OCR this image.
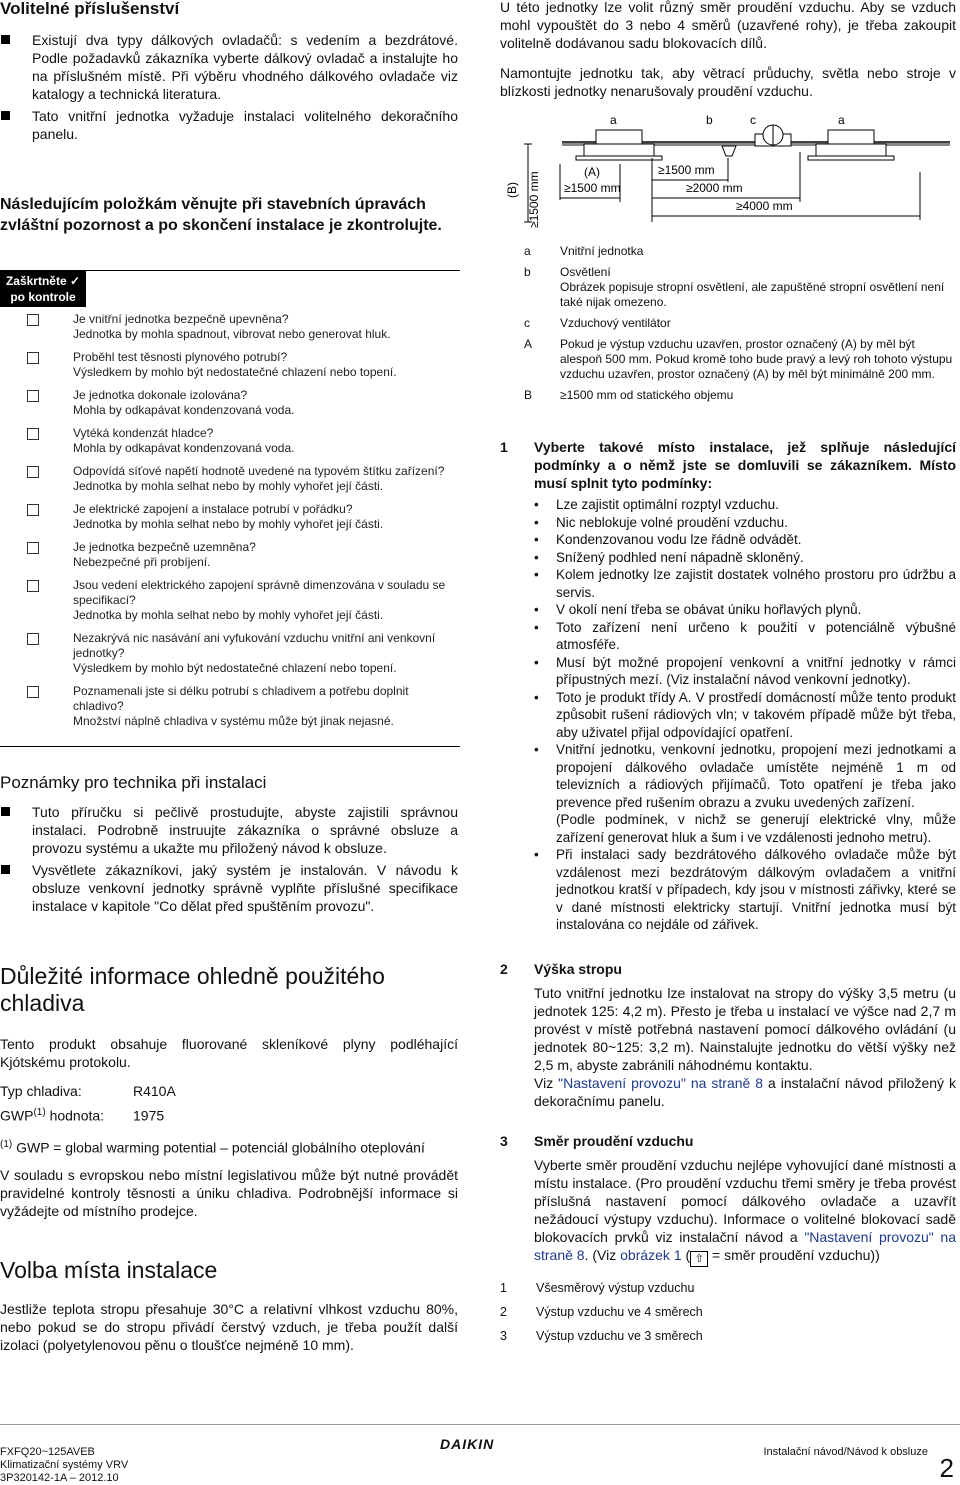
Volitelné příslušenství
Existují dva typy dálkových ovladačů: s vedením a bezdrátové. Podle požadavků zákazníka vyberte dálkový ovladač a instalujte ho na příslušném místě. Při výběru vhodného dálkového ovladače viz katalogy a technická literatura.
Tato vnitřní jednotka vyžaduje instalaci volitelného dekoračního panelu.
Následujícím položkám věnujte při stavebních úpravách zvláštní pozornost a po skončení instalace je zkontrolujte.
Zaškrtněte ✓
po kontrole
Je vnitřní jednotka bezpečně upevněna?
Jednotka by mohla spadnout, vibrovat nebo generovat hluk.
Proběhl test těsnosti plynového potrubí?
Výsledkem by mohlo být nedostatečné chlazení nebo topení.
Je jednotka dokonale izolována?
Mohla by odkapávat kondenzovaná voda.
Vytéká kondenzát hladce?
Mohla by odkapávat kondenzovaná voda.
Odpovídá síťové napětí hodnotě uvedené na typovém štítku zařízení?
Jednotka by mohla selhat nebo by mohly vyhořet její části.
Je elektrické zapojení a instalace potrubí v pořádku?
Jednotka by mohla selhat nebo by mohly vyhořet její části.
Je jednotka bezpečně uzemněna?
Nebezpečné při probíjení.
Jsou vedení elektrického zapojení správně dimenzována v souladu se specifikací?
Jednotka by mohla selhat nebo by mohly vyhořet její části.
Nezakrývá nic nasávání ani vyfukování vzduchu vnitřní ani venkovní jednotky?
Výsledkem by mohlo být nedostatečné chlazení nebo topení.
Poznamenali jste si délku potrubí s chladivem a potřebu doplnit chladivo?
Množství náplně chladiva v systému může být jinak nejasné.
Poznámky pro technika při instalaci
Tuto příručku si pečlivě prostudujte, abyste zajistili správnou instalaci. Podrobně instruujte zákazníka o správné obsluze a provozu systému a ukažte mu přiložený návod k obsluze.
Vysvětlete zákazníkovi, jaký systém je instalován. V návodu k obsluze venkovní jednotky správně vyplňte příslušné specifikace instalace v kapitole "Co dělat před spuštěním provozu".
Důležité informace ohledně použitého chladiva
Tento produkt obsahuje fluorované skleníkové plyny podléhající Kjótskému protokolu.
Typ chladiva:	R410A
GWP$^{(1)}$ hodnota: 1975
$^{(1)}$ GWP = global warming potential – potenciál globálního oteplování
V souladu s evropskou nebo místní legislativou může být nutné provádět pravidelné kontroly těsnosti a úniku chladiva. Podrobnější informace si vyžádejte od místního prodejce.
Volba místa instalace
Jestliže teplota stropu přesahuje 30°C a relativní vlhkost vzduchu 80%, nebo pokud se do stropu přivádí čerstvý vzduch, je třeba použít další izolaci (polyetylenovou pěnu o tloušťce nejméně 10 mm).
U této jednotky lze volit různý směr proudění vzduchu. Aby se vzduch mohl vypouštět do 3 nebo 4 směrů (uzavřené rohy), je třeba zakoupit volitelně dodávanou sadu blokovacích dílů.
Namontujte jednotku tak, aby větrací průduchy, světla nebo stroje v blízkosti jednotky nenarušovaly proudění vzduchu.
a	b	c	a
(B) ≥1500 mm	(A)
≥1500 mm
≥1500 mm
≥2000 mm
≥4000 mm
a	Vnitřní jednotka
b	Osvětlení
Obrázek popisuje stropní osvětlení, ale zapuštěné stropní osvětlení není také nijak omezeno.
c	Vzduchový ventilátor
A	Pokud je výstup vzduchu uzavřen, prostor označený (A) by měl být alespoň 500 mm. Pokud kromě toho bude pravý a levý roh tohoto výstupu vzduchu uzavřen, prostor označený (A) by měl být minimálně 200 mm.
B	≥1500 mm od statického objemu
1	Vyberte takové místo instalace, jež splňuje následující podmínky a o němž jste se domluvili se zákazníkem. Místo musí splnit tyto podmínky:
•	Lze zajistit optimální rozptyl vzduchu.
•	Nic neblokuje volné proudění vzduchu.
•	Kondenzovanou vodu lze řádně odvádět.
•	Snížený podhled není nápadně skloněný.
•	Kolem jednotky lze zajistit dostatek volného prostoru pro údržbu a servis.
•	V okolí není třeba se obávat úniku hořlavých plynů.
•	Toto zařízení není určeno k použití v potenciálně výbušné atmosféře.
•	Musí být možné propojení venkovní a vnitřní jednotky v rámci přípustných mezí. (Viz instalační návod venkovní jednotky).
•	Toto je produkt třídy A. V prostředí domácností může tento produkt způsobit rušení rádiových vln; v takovém případě může být třeba, aby uživatel přijal odpovídající opatření.
•	Vnitřní jednotku, venkovní jednotku, propojení mezi jednotkami a propojení dálkového ovladače umístěte nejméně 1 m od televizních a rádiových přijímačů. Toto opatření je třeba jako prevence před rušením obrazu a zvuku uvedených zařízení.
(Podle podmínek, v nichž se generují elektrické vlny, může zařízení generovat hluk a šum i ve vzdálenosti jednoho metru).
•	Při instalaci sady bezdrátového dálkového ovladače může být vzdálenost mezi bezdrátovým dálkovým ovladačem a vnitřní jednotkou kratší v případech, kdy jsou v místnosti zářivky, které se v dané místnosti elektricky startují. Vnitřní jednotka musí být instalována co nejdále od zářivek.
2	Výška stropu
Tuto vnitřní jednotku lze instalovat na stropy do výšky 3,5 metru (u jednotek 125: 4,2 m). Přesto je třeba u instalací ve výšce nad 2,7 m provést v místě potřebná nastavení pomocí dálkového ovládání (u jednotek 80~125: 3,2 m). Nainstalujte jednotku do větší výšky než 2,5 m, abyste zabránili náhodnému kontaktu.
Viz "Nastavení provozu" na straně 8 a instalační návod přiložený k dekoračnímu panelu.
3	Směr proudění vzduchu
Vyberte směr proudění vzduchu nejlépe vyhovující dané místnosti a místu instalace. (Pro proudění vzduchu třemi směry je třeba provést příslušná nastavení pomocí dálkového ovladače a uzavřít nežádoucí výstupy vzduchu). Informace o volitelné blokovací sadě blokovacích prvků viz instalační návod a "Nastavení provozu" na straně 8. (Viz obrázek 1 ( ⇧ = směr proudění vzduchu))
1	Všesměrový výstup vzduchu
2	Výstup vzduchu ve 4 směrech
3	Výstup vzduchu ve 3 směrech
FXFQ20~125AVEB
Klimatizační systémy VRV
3P320142-1A – 2012.10
DAIKIN	Instalační návod/Návod k obsluze
2
